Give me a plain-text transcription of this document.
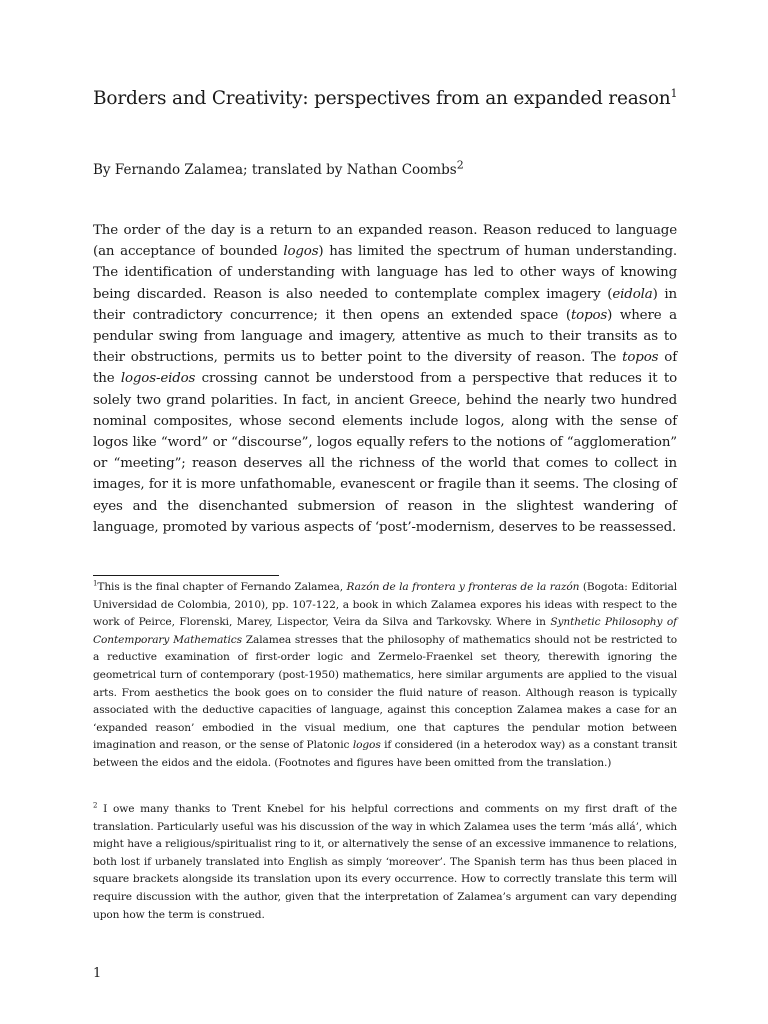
Borders and Creativity: perspectives from an expanded reason$^1$

By Fernando Zalamea; translated by Nathan Coombs$^2$

The order of the day is a return to an expanded reason. Reason reduced to language (an acceptance of bounded logos) has limited the spectrum of human understanding. The identification of understanding with language has led to other ways of knowing being discarded. Reason is also needed to contemplate complex imagery (eidola) in their contradictory concurrence; it then opens an extended space (topos) where a pendular swing from language and imagery, attentive as much to their transits as to their obstructions, permits us to better point to the diversity of reason. The topos of the logos-eidos crossing cannot be understood from a perspective that reduces it to solely two grand polarities. In fact, in ancient Greece, behind the nearly two hundred nominal composites, whose second elements include logos, along with the sense of logos like “word” or “discourse”, logos equally refers to the notions of “agglomeration” or “meeting”; reason deserves all the richness of the world that comes to collect in images, for it is more unfathomable, evanescent or fragile than it seems. The closing of eyes and the disenchanted submersion of reason in the slightest wandering of language, promoted by various aspects of ‘post’-modernism, deserves to be reassessed.

$^1$This is the final chapter of Fernando Zalamea, Razón de la frontera y fronteras de la razón (Bogota: Editorial Universidad de Colombia, 2010), pp. 107-122, a book in which Zalamea expores his ideas with respect to the work of Peirce, Florenski, Marey, Lispector, Veira da Silva and Tarkovsky. Where in Synthetic Philosophy of Contemporary Mathematics Zalamea stresses that the philosophy of mathematics should not be restricted to a reductive examination of first-order logic and Zermelo-Fraenkel set theory, therewith ignoring the geometrical turn of contemporary (post-1950) mathematics, here similar arguments are applied to the visual arts. From aesthetics the book goes on to consider the fluid nature of reason. Although reason is typically associated with the deductive capacities of language, against this conception Zalamea makes a case for an ‘expanded reason’ embodied in the visual medium, one that captures the pendular motion between imagination and reason, or the sense of Platonic logos if considered (in a heterodox way) as a constant transit between the eidos and the eidola. (Footnotes and figures have been omitted from the translation.)

$^2$ I owe many thanks to Trent Knebel for his helpful corrections and comments on my first draft of the translation. Particularly useful was his discussion of the way in which Zalamea uses the term ‘más allá’, which might have a religious/spiritualist ring to it, or alternatively the sense of an excessive immanence to relations, both lost if urbanely translated into English as simply ‘moreover’. The Spanish term has thus been placed in square brackets alongside its translation upon its every occurrence. How to correctly translate this term will require discussion with the author, given that the interpretation of Zalamea’s argument can vary depending upon how the term is construed.

1
